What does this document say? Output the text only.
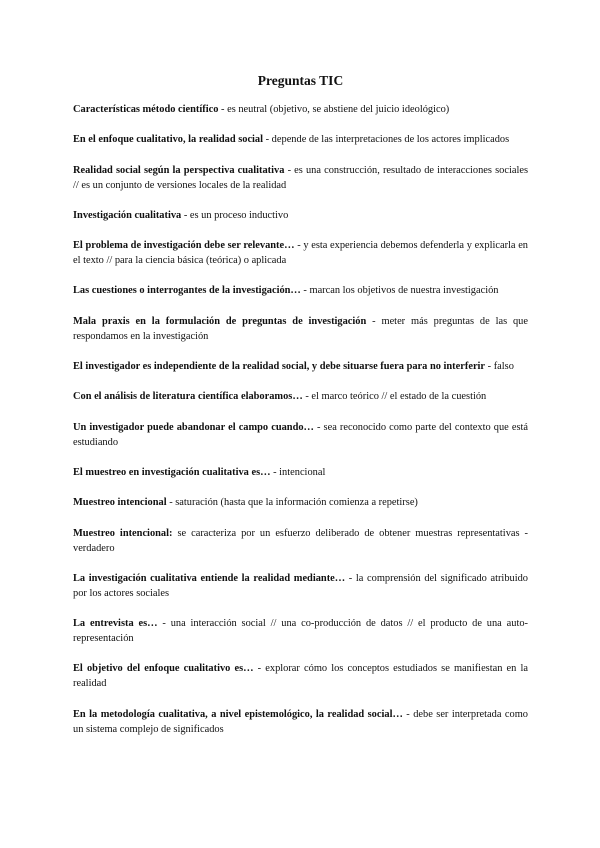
Preguntas TIC

Características método científico - es neutral (objetivo, se abstiene del juicio ideológico)

En el enfoque cualitativo, la realidad social - depende de las interpretaciones de los actores implicados

Realidad social según la perspectiva cualitativa - es una construcción, resultado de interacciones sociales // es un conjunto de versiones locales de la realidad

Investigación cualitativa - es un proceso inductivo

El problema de investigación debe ser relevante… - y esta experiencia debemos defenderla y explicarla en el texto // para la ciencia básica (teórica) o aplicada

Las cuestiones o interrogantes de la investigación… - marcan los objetivos de nuestra investigación

Mala praxis en la formulación de preguntas de investigación - meter más preguntas de las que respondamos en la investigación

El investigador es independiente de la realidad social, y debe situarse fuera para no interferir - falso

Con el análisis de literatura científica elaboramos… - el marco teórico // el estado de la cuestión

Un investigador puede abandonar el campo cuando… - sea reconocido como parte del contexto que está estudiando

El muestreo en investigación cualitativa es… - intencional

Muestreo intencional - saturación (hasta que la información comienza a repetirse)

Muestreo intencional: se caracteriza por un esfuerzo deliberado de obtener muestras representativas - verdadero

La investigación cualitativa entiende la realidad mediante… - la comprensión del significado atribuido por los actores sociales

La entrevista es… - una interacción social // una co-producción de datos // el producto de una auto-representación

El objetivo del enfoque cualitativo es… - explorar cómo los conceptos estudiados se manifiestan en la realidad

En la metodología cualitativa, a nivel epistemológico, la realidad social… - debe ser interpretada como un sistema complejo de significados
